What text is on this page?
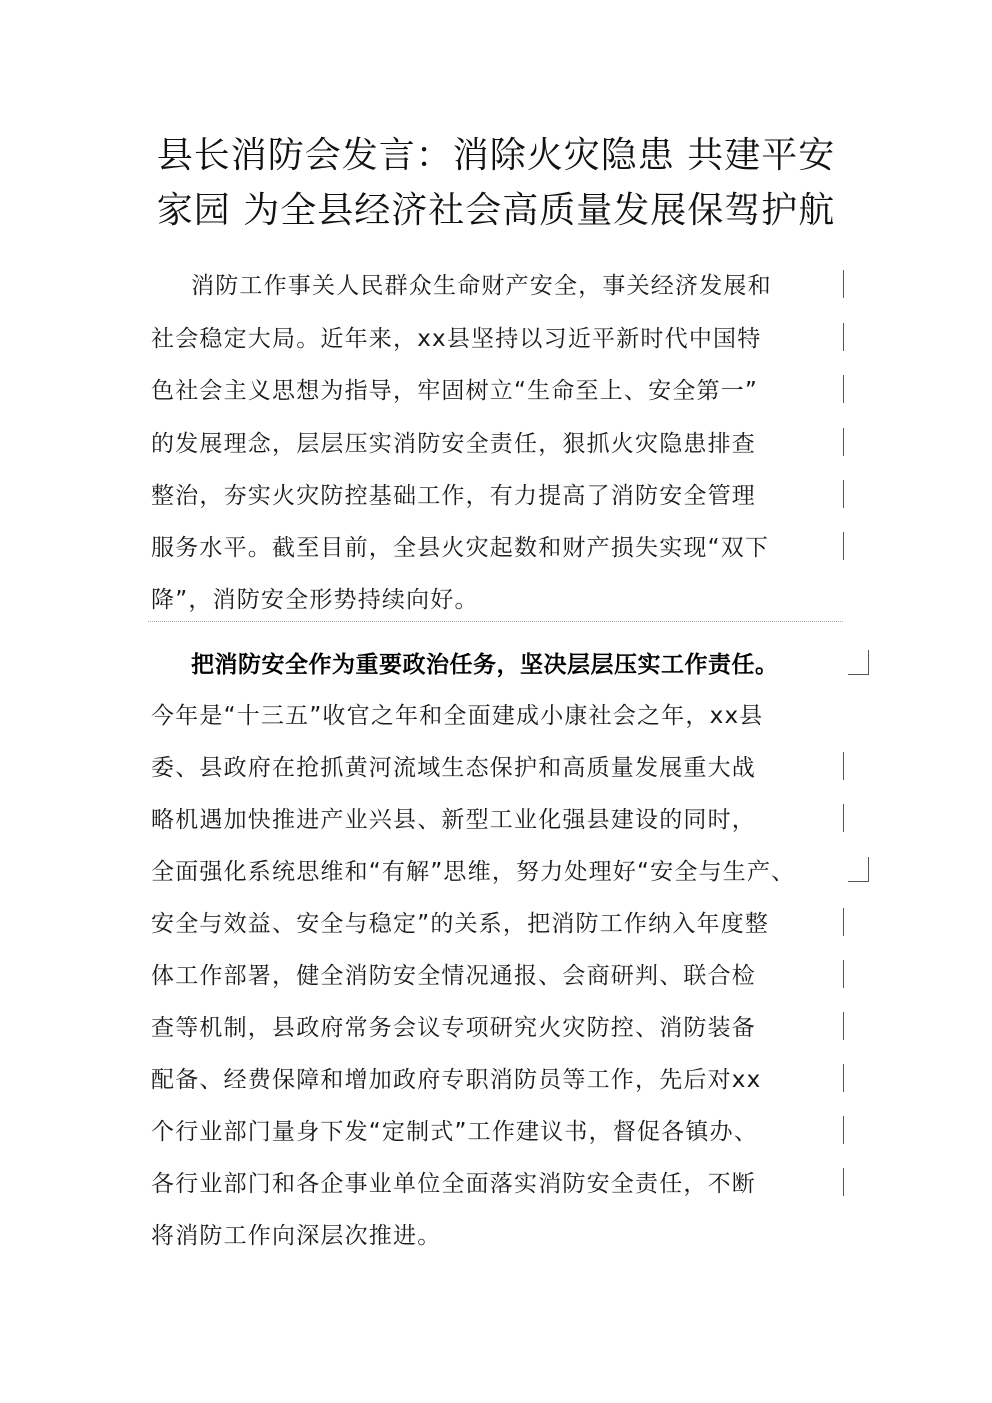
县长消防会发言：消除火灾隐患 共建平安
家园 为全县经济社会高质量发展保驾护航
消防工作事关人民群众生命财产安全，事关经济发展和
社会稳定大局。近年来，xx县坚持以习近平新时代中国特
色社会主义思想为指导，牢固树立“生命至上、安全第一”
的发展理念，层层压实消防安全责任，狠抓火灾隐患排查
整治，夯实火灾防控基础工作，有力提高了消防安全管理
服务水平。截至目前，全县火灾起数和财产损失实现“双下
降”，消防安全形势持续向好。
把消防安全作为重要政治任务，坚决层层压实工作责任。
今年是“十三五”收官之年和全面建成小康社会之年，xx县
委、县政府在抢抓黄河流域生态保护和高质量发展重大战
略机遇加快推进产业兴县、新型工业化强县建设的同时，
全面强化系统思维和“有解”思维，努力处理好“安全与生产、
安全与效益、安全与稳定”的关系，把消防工作纳入年度整
体工作部署，健全消防安全情况通报、会商研判、联合检
查等机制，县政府常务会议专项研究火灾防控、消防装备
配备、经费保障和增加政府专职消防员等工作，先后对xx
个行业部门量身下发“定制式”工作建议书，督促各镇办、
各行业部门和各企事业单位全面落实消防安全责任，不断
将消防工作向深层次推进。
